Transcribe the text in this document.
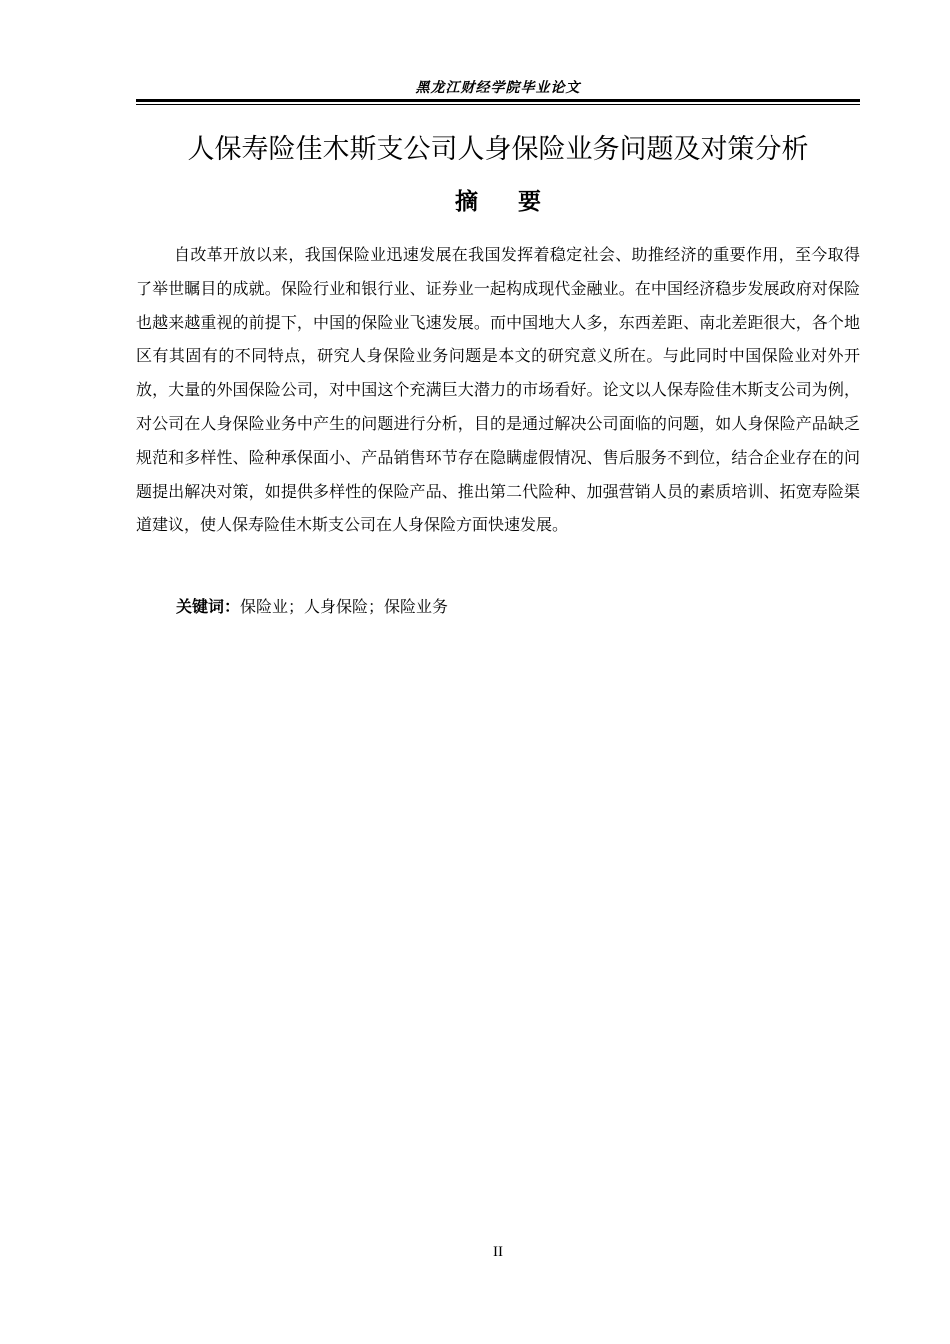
黑龙江财经学院毕业论文
人保寿险佳木斯支公司人身保险业务问题及对策分析
摘要

自改革开放以来，我国保险业迅速发展在我国发挥着稳定社会、助推经济的重要作用，至今取得了举世瞩目的成就。保险行业和银行业、证券业一起构成现代金融业。在中国经济稳步发展政府对保险也越来越重视的前提下，中国的保险业飞速发展。而中国地大人多，东西差距、南北差距很大，各个地区有其固有的不同特点，研究人身保险业务问题是本文的研究意义所在。与此同时中国保险业对外开放，大量的外国保险公司，对中国这个充满巨大潜力的市场看好。论文以人保寿险佳木斯支公司为例，对公司在人身保险业务中产生的问题进行分析，目的是通过解决公司面临的问题，如人身保险产品缺乏规范和多样性、险种承保面小、产品销售环节存在隐瞒虚假情况、售后服务不到位，结合企业存在的问题提出解决对策，如提供多样性的保险产品、推出第二代险种、加强营销人员的素质培训、拓宽寿险渠道建议，使人保寿险佳木斯支公司在人身保险方面快速发展。

关键词：保险业；人身保险；保险业务

II
